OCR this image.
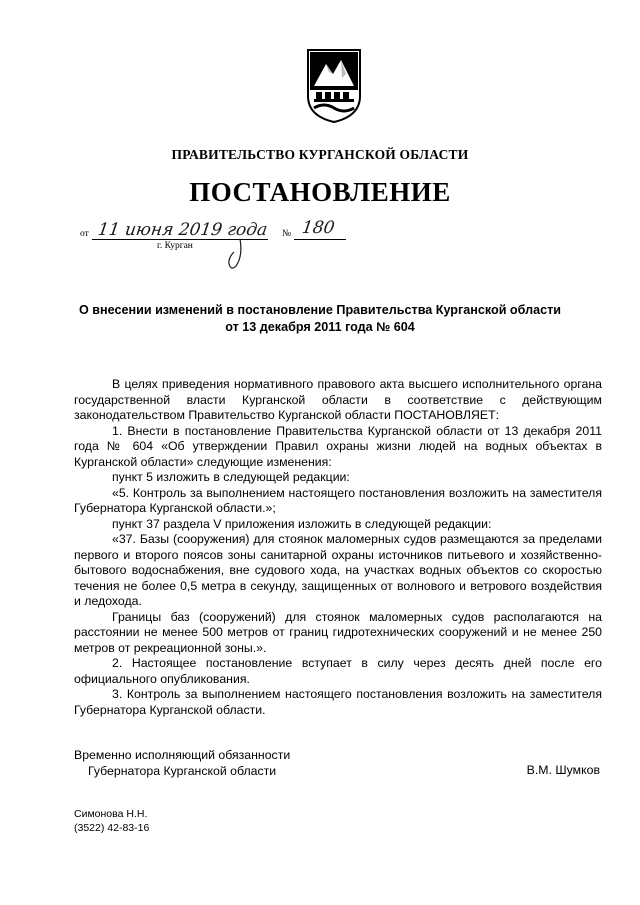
ПРАВИТЕЛЬСТВО КУРГАНСКОЙ ОБЛАСТИ
ПОСТАНОВЛЕНИЕ
от 11 июня 2019 года № 180
г. Курган
О внесении изменений в постановление Правительства Курганской области
от 13 декабря 2011 года № 604

В целях приведения нормативного правового акта высшего исполнительного органа государственной власти Курганской области в соответствие с действующим законодательством Правительство Курганской области ПОСТАНОВЛЯЕТ:

1. Внести в постановление Правительства Курганской области от 13 декабря 2011 года № 604 «Об утверждении Правил охраны жизни людей на водных объектах в Курганской области» следующие изменения:

пункт 5 изложить в следующей редакции:

«5. Контроль за выполнением настоящего постановления возложить на заместителя Губернатора Курганской области.»;

пункт 37 раздела V приложения изложить в следующей редакции:

«37. Базы (сооружения) для стоянок маломерных судов размещаются за пределами первого и второго поясов зоны санитарной охраны источников питьевого и хозяйственно-бытового водоснабжения, вне судового хода, на участках водных объектов со скоростью течения не более 0,5 метра в секунду, защищенных от волнового и ветрового воздействия и ледохода.

Границы баз (сооружений) для стоянок маломерных судов располагаются на расстоянии не менее 500 метров от границ гидротехнических сооружений и не менее 250 метров от рекреационной зоны.».

2. Настоящее постановление вступает в силу через десять дней после его официального опубликования.

3. Контроль за выполнением настоящего постановления возложить на заместителя Губернатора Курганской области.

Временно исполняющий обязанности
Губернатора Курганской области	В.М. Шумков
Симонова Н.Н.
(3522) 42-83-16
